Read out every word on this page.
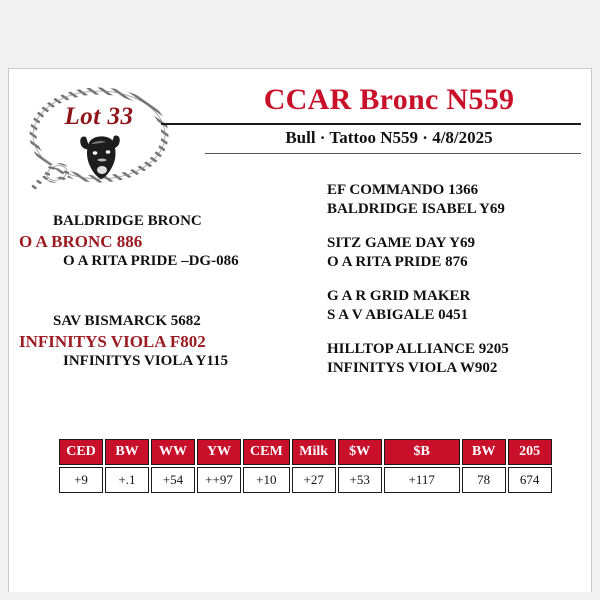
Lot 33
CCAR Bronc N559
Bull · Tattoo N559 · 4/8/2025
BALDRIDGE BRONC
O A BRONC 886
O A RITA PRIDE –DG-086
SAV BISMARCK 5682
INFINITYS VIOLA F802
INFINITYS VIOLA Y115
EF COMMANDO 1366
BALDRIDGE ISABEL Y69
SITZ GAME DAY Y69
O A RITA PRIDE 876
G A R GRID MAKER
S A V ABIGALE 0451
HILLTOP ALLIANCE 9205
INFINITYS VIOLA W902
CED	BW	WW	YW	CEM	Milk	$W	$B	BW	205
+9	+.1	+54	++97	+10	+27	+53	+117	78	674
